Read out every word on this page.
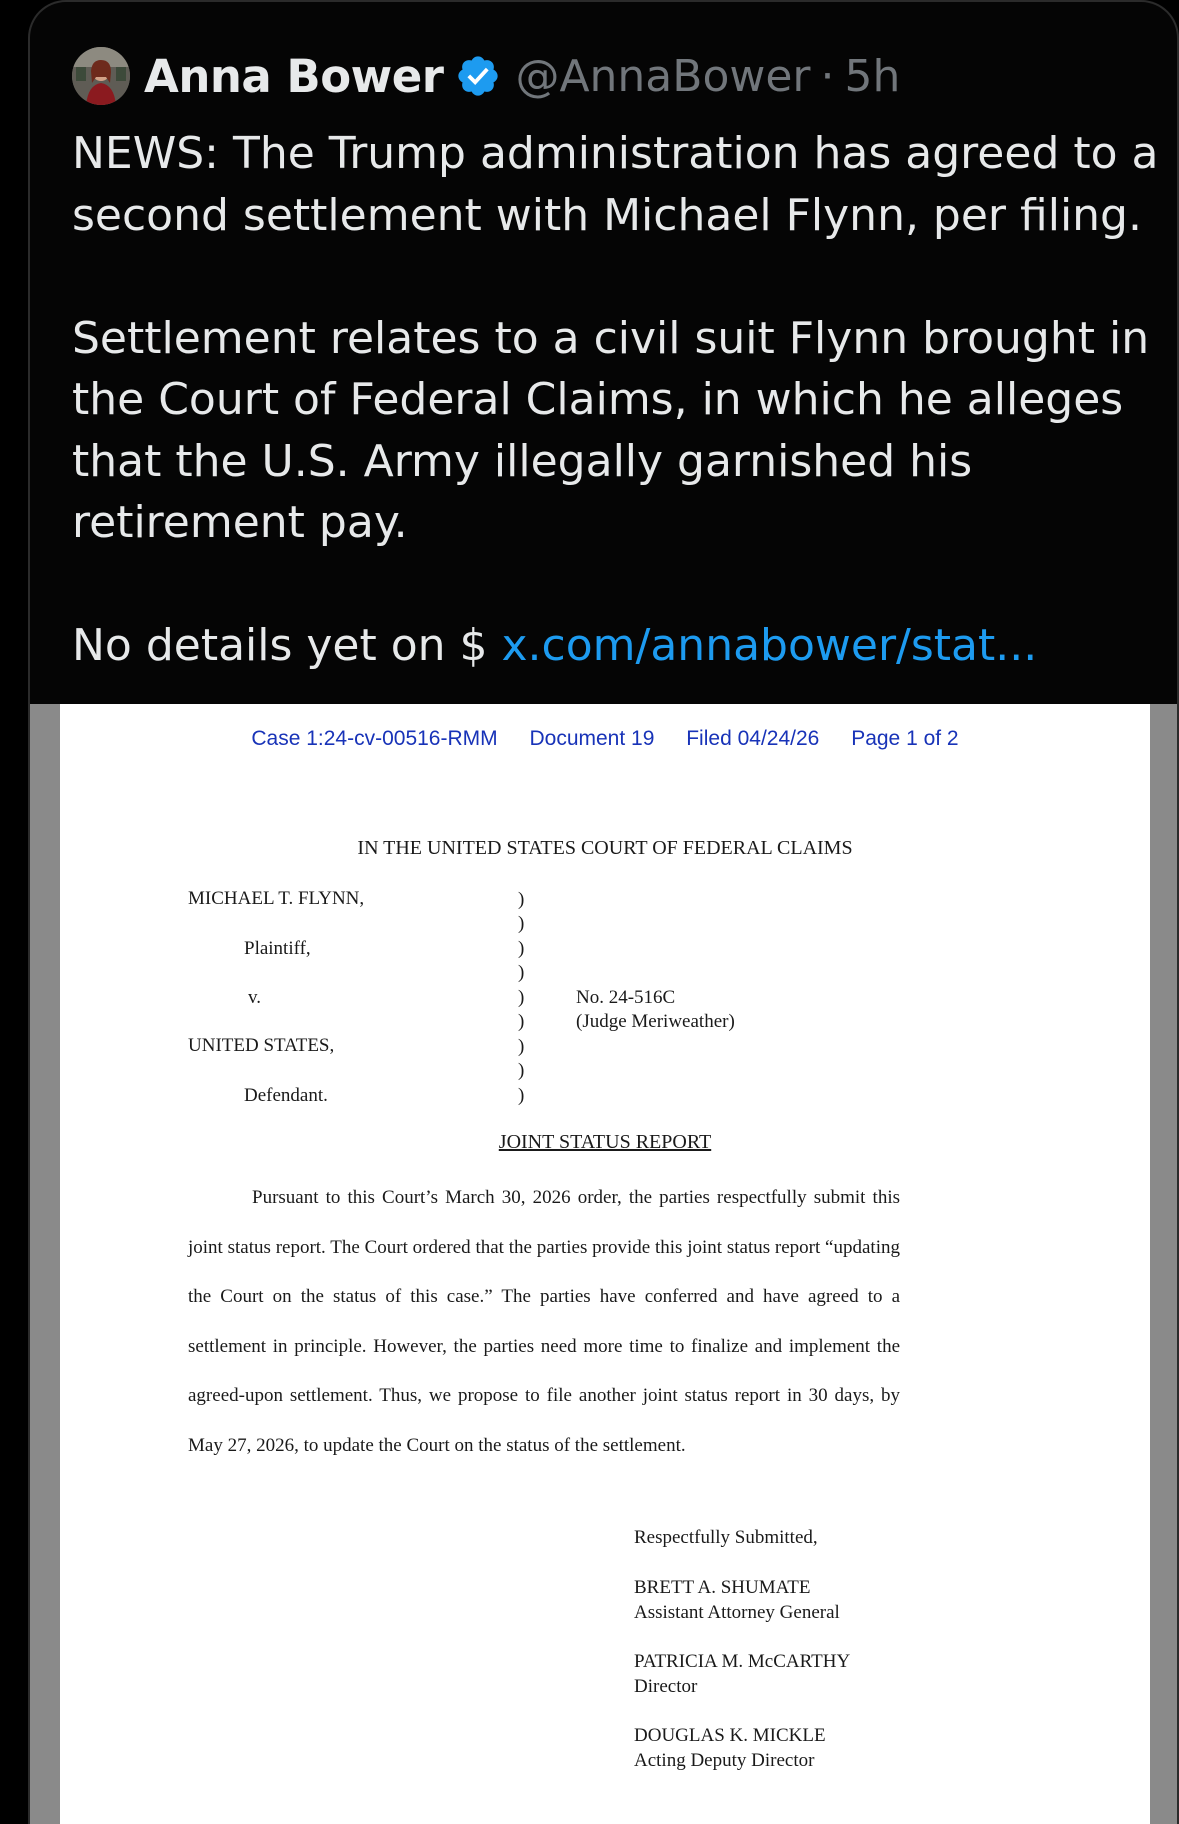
Anna Bower @AnnaBower · 5h

NEWS: The Trump administration has agreed to a second settlement with Michael Flynn, per filing.

Settlement relates to a civil suit Flynn brought in the Court of Federal Claims, in which he alleges that the U.S. Army illegally garnished his retirement pay.

No details yet on $ x.com/annabower/stat...

Case 1:24-cv-00516-RMM Document 19 Filed 04/24/26 Page 1 of 2
IN THE UNITED STATES COURT OF FEDERAL CLAIMS
MICHAEL T. FLYNN,
Plaintiff,
v.
UNITED STATES,
Defendant.
)
)
)
)
)
)
)
)
)
No. 24-516C
(Judge Meriweather)
JOINT STATUS REPORT

Pursuant to this Court’s March 30, 2026 order, the parties respectfully submit this joint status report. The Court ordered that the parties provide this joint status report “updating the Court on the status of this case.” The parties have conferred and have agreed to a settlement in principle. However, the parties need more time to finalize and implement the agreed-upon settlement. Thus, we propose to file another joint status report in 30 days, by May 27, 2026, to update the Court on the status of the settlement.

Respectfully Submitted,
BRETT A. SHUMATE
Assistant Attorney General
PATRICIA M. McCARTHY
Director
DOUGLAS K. MICKLE
Acting Deputy Director
